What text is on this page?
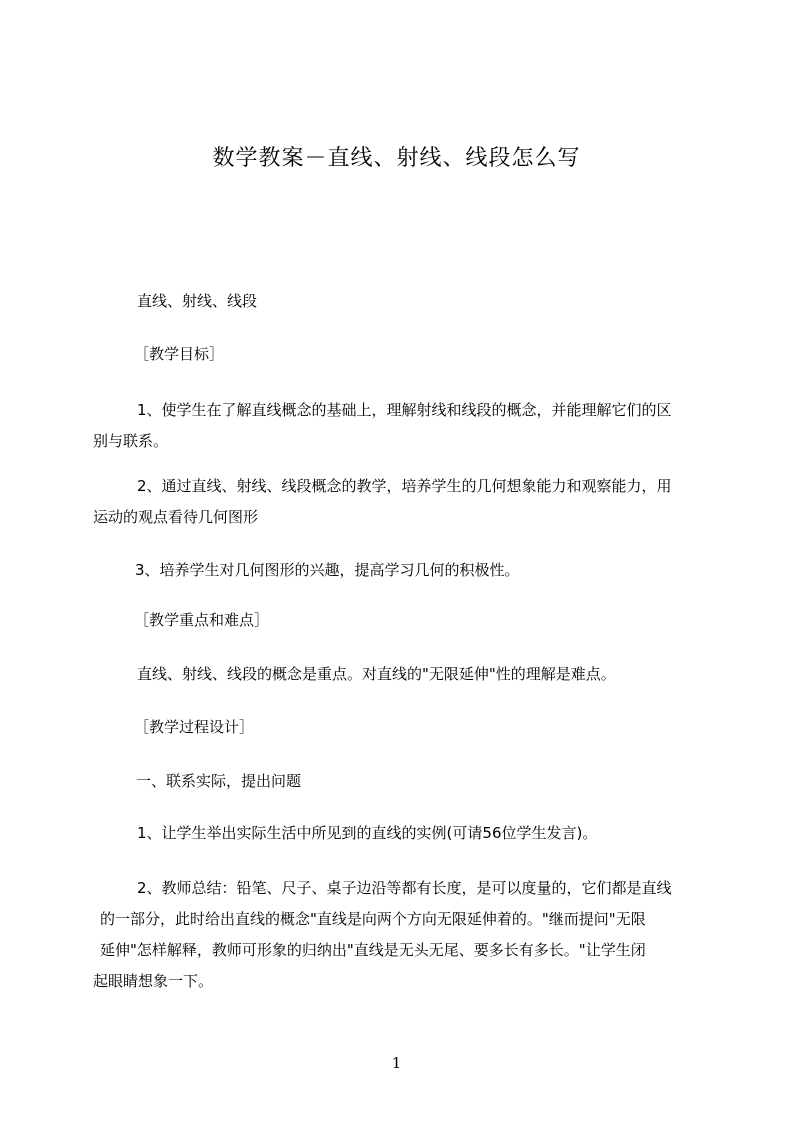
数学教案－直线、射线、线段怎么写
直线、射线、线段
［教学目标］
1、使学生在了解直线概念的基础上，理解射线和线段的概念，并能理解它们的区
别与联系。
2、通过直线、射线、线段概念的教学，培养学生的几何想象能力和观察能力，用
运动的观点看待几何图形
3、培养学生对几何图形的兴趣，提高学习几何的积极性。
［教学重点和难点］
直线、射线、线段的概念是重点。对直线的"无限延伸"性的理解是难点。
［教学过程设计］
一、联系实际，提出问题
1、让学生举出实际生活中所见到的直线的实例(可请56位学生发言)。
2、教师总结：铅笔、尺子、桌子边沿等都有长度，是可以度量的，它们都是直线
的一部分，此时给出直线的概念"直线是向两个方向无限延伸着的。"继而提问"无限
延伸"怎样解释，教师可形象的归纳出"直线是无头无尾、要多长有多长。"让学生闭
起眼睛想象一下。
1
